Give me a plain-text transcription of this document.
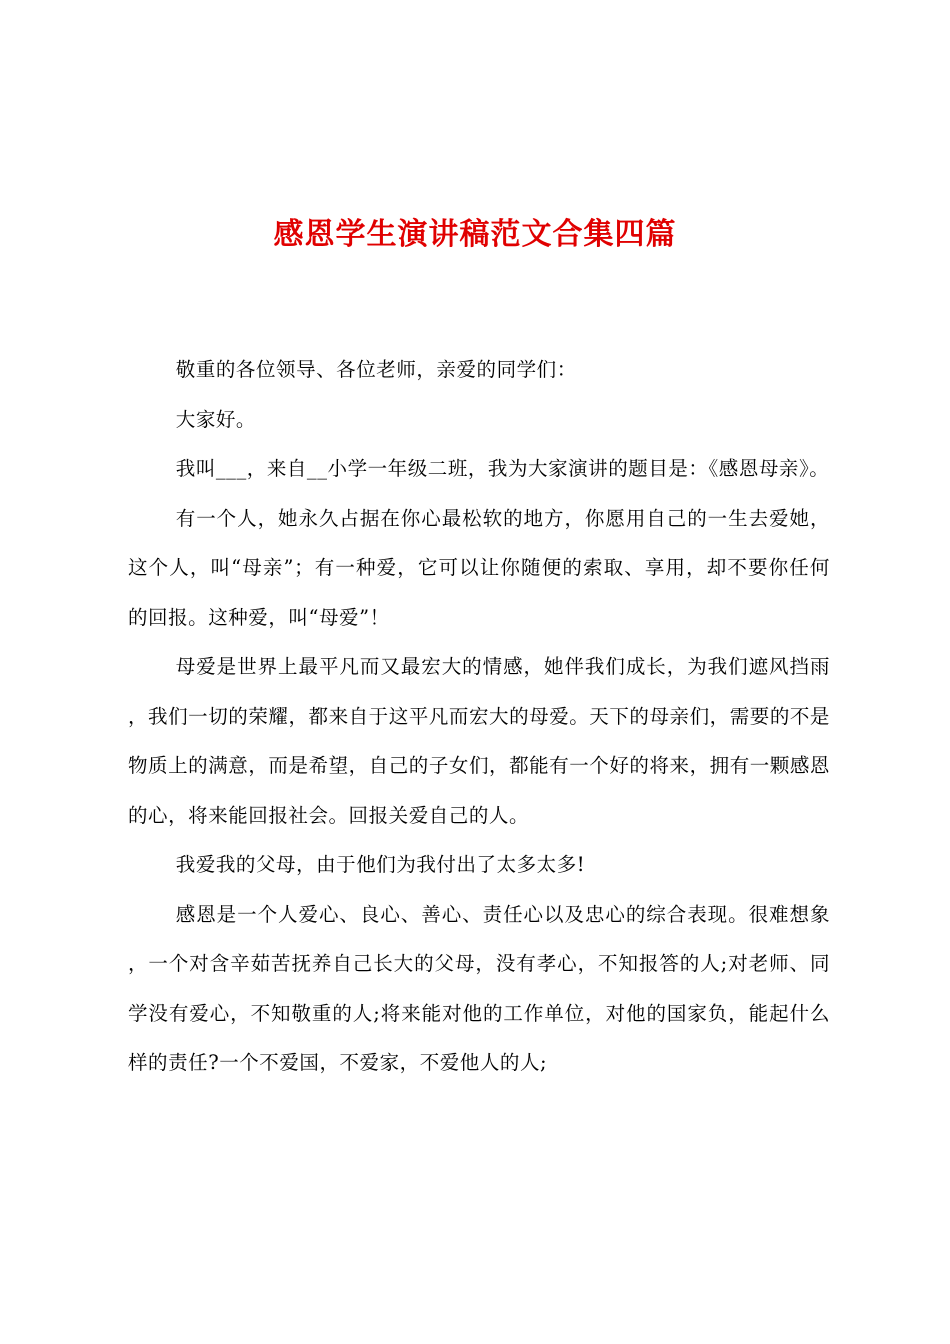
感恩学生演讲稿范文合集四篇

敬重的各位领导、各位老师，亲爱的同学们：

大家好。

我叫___，来自__小学一年级二班，我为大家演讲的题目是：《感恩母亲》。

有一个人，她永久占据在你心最松软的地方，你愿用自己的一生去爱她，这个人，叫“母亲”；有一种爱，它可以让你随便的索取、享用，却不要你任何的回报。这种爱，叫“母爱”！

母爱是世界上最平凡而又最宏大的情感，她伴我们成长，为我们遮风挡雨，我们一切的荣耀，都来自于这平凡而宏大的母爱。天下的母亲们，需要的不是物质上的满意，而是希望，自己的子女们，都能有一个好的将来，拥有一颗感恩的心，将来能回报社会。回报关爱自己的人。

我爱我的父母，由于他们为我付出了太多太多!

感恩是一个人爱心、良心、善心、责任心以及忠心的综合表现。很难想象，一个对含辛茹苦抚养自己长大的父母，没有孝心，不知报答的人;对老师、同学没有爱心，不知敬重的人;将来能对他的工作单位，对他的国家负，能起什么样的责任?一个不爱国，不爱家，不爱他人的人;
